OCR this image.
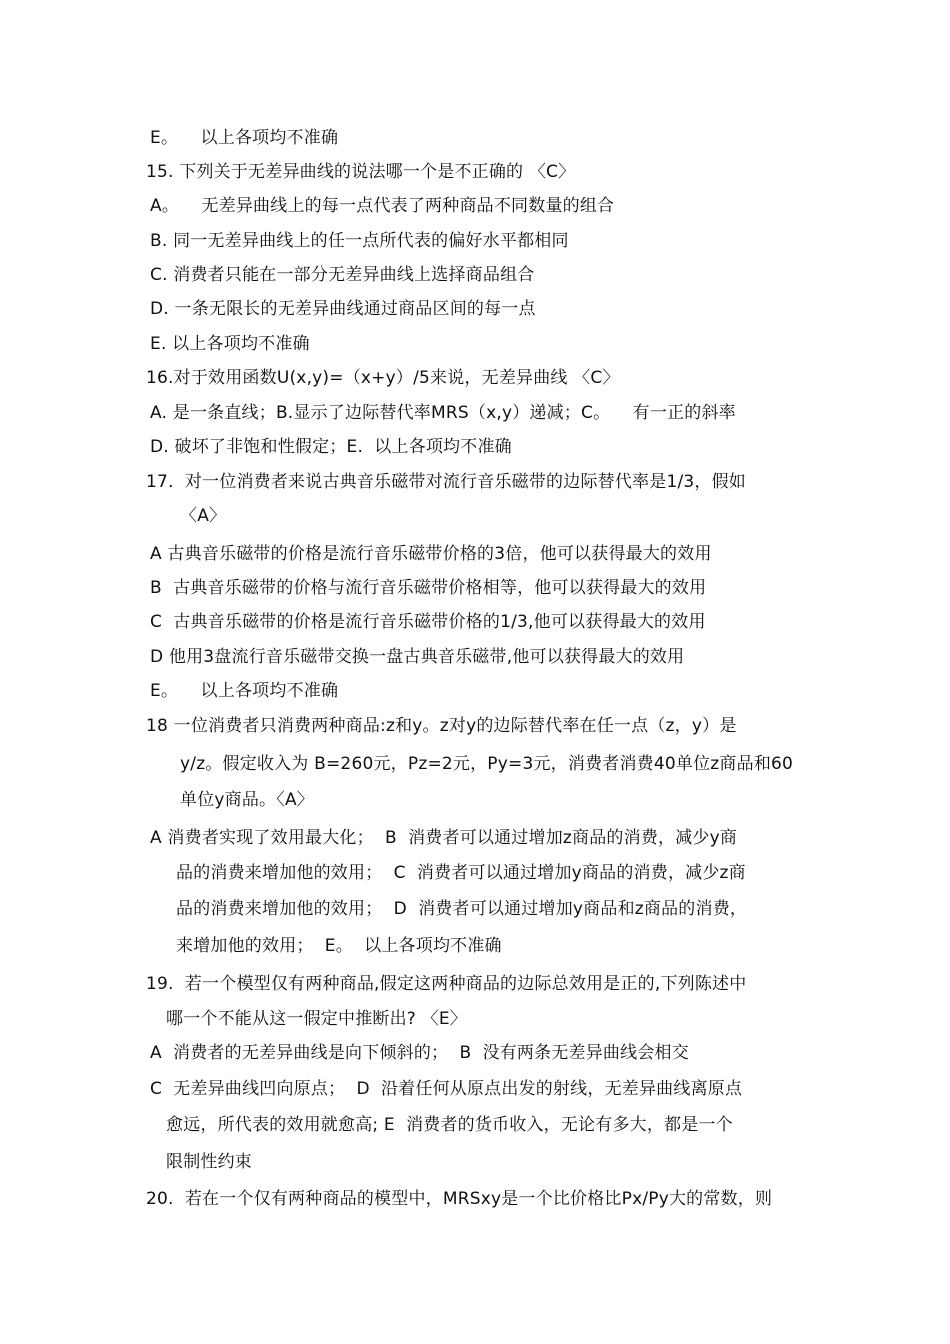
E。    以上各项均不准确
15. 下列关于无差异曲线的说法哪一个是不正确的 〈C〉
A。    无差异曲线上的每一点代表了两种商品不同数量的组合
B. 同一无差异曲线上的任一点所代表的偏好水平都相同
C. 消费者只能在一部分无差异曲线上选择商品组合
D. 一条无限长的无差异曲线通过商品区间的每一点
E. 以上各项均不准确
16.对于效用函数U(x,y)=（x+y）/5来说，无差异曲线 〈C〉
A. 是一条直线；B.显示了边际替代率MRS（x,y）递减；C。    有一正的斜率
D. 破坏了非饱和性假定；E.  以上各项均不准确
17.  对一位消费者来说古典音乐磁带对流行音乐磁带的边际替代率是1/3，假如
〈A〉
A 古典音乐磁带的价格是流行音乐磁带价格的3倍，他可以获得最大的效用
B  古典音乐磁带的价格与流行音乐磁带价格相等，他可以获得最大的效用
C  古典音乐磁带的价格是流行音乐磁带价格的1/3,他可以获得最大的效用
D 他用3盘流行音乐磁带交换一盘古典音乐磁带,他可以获得最大的效用
E。    以上各项均不准确
18 一位消费者只消费两种商品:z和y。z对y的边际替代率在任一点（z，y）是
y/z。假定收入为 B=260元，Pz=2元，Py=3元，消费者消费40单位z商品和60
单位y商品。〈A〉
A 消费者实现了效用最大化；  B  消费者可以通过增加z商品的消费，减少y商
品的消费来增加他的效用；  C  消费者可以通过增加y商品的消费，减少z商
品的消费来增加他的效用；  D  消费者可以通过增加y商品和z商品的消费，
来增加他的效用；  E。  以上各项均不准确
19.  若一个模型仅有两种商品,假定这两种商品的边际总效用是正的,下列陈述中
哪一个不能从这一假定中推断出? 〈E〉
A  消费者的无差异曲线是向下倾斜的；  B  没有两条无差异曲线会相交
C  无差异曲线凹向原点；  D  沿着任何从原点出发的射线，无差异曲线离原点
愈远，所代表的效用就愈高; E  消费者的货币收入，无论有多大，都是一个
限制性约束
20.  若在一个仅有两种商品的模型中，MRSxy是一个比价格比Px/Py大的常数，则
